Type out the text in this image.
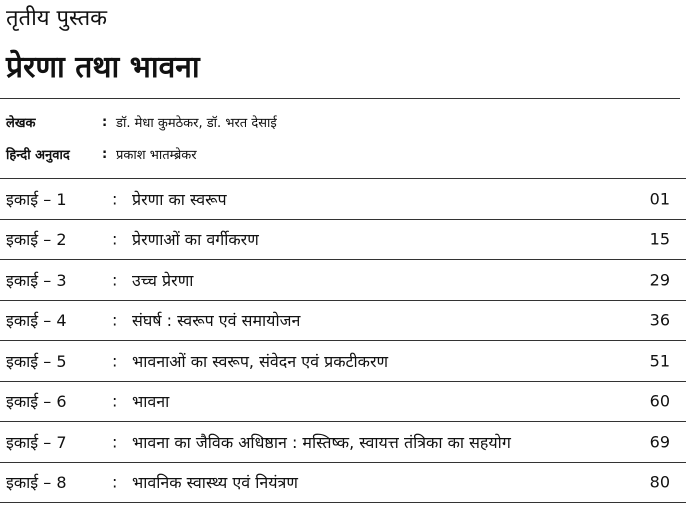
तृतीय पुस्तक
प्रेरणा तथा भावना
लेखक	: डॉ. मेधा कुमठेकर, डॉ. भरत देसाई
हिन्दी अनुवाद	: प्रकाश भातम्ब्रेकर
इकाई – 1	: प्रेरणा का स्वरूप	01
इकाई – 2	: प्रेरणाओं का वर्गीकरण	15
इकाई – 3	: उच्च प्रेरणा	29
इकाई – 4	: संघर्ष : स्वरूप एवं समायोजन	36
इकाई – 5	: भावनाओं का स्वरूप, संवेदन एवं प्रकटीकरण	51
इकाई – 6	: भावना	60
इकाई – 7	: भावना का जैविक अधिष्ठान : मस्तिष्क, स्वायत्त तंत्रिका का सहयोग	69
इकाई – 8	: भावनिक स्वास्थ्य एवं नियंत्रण	80
